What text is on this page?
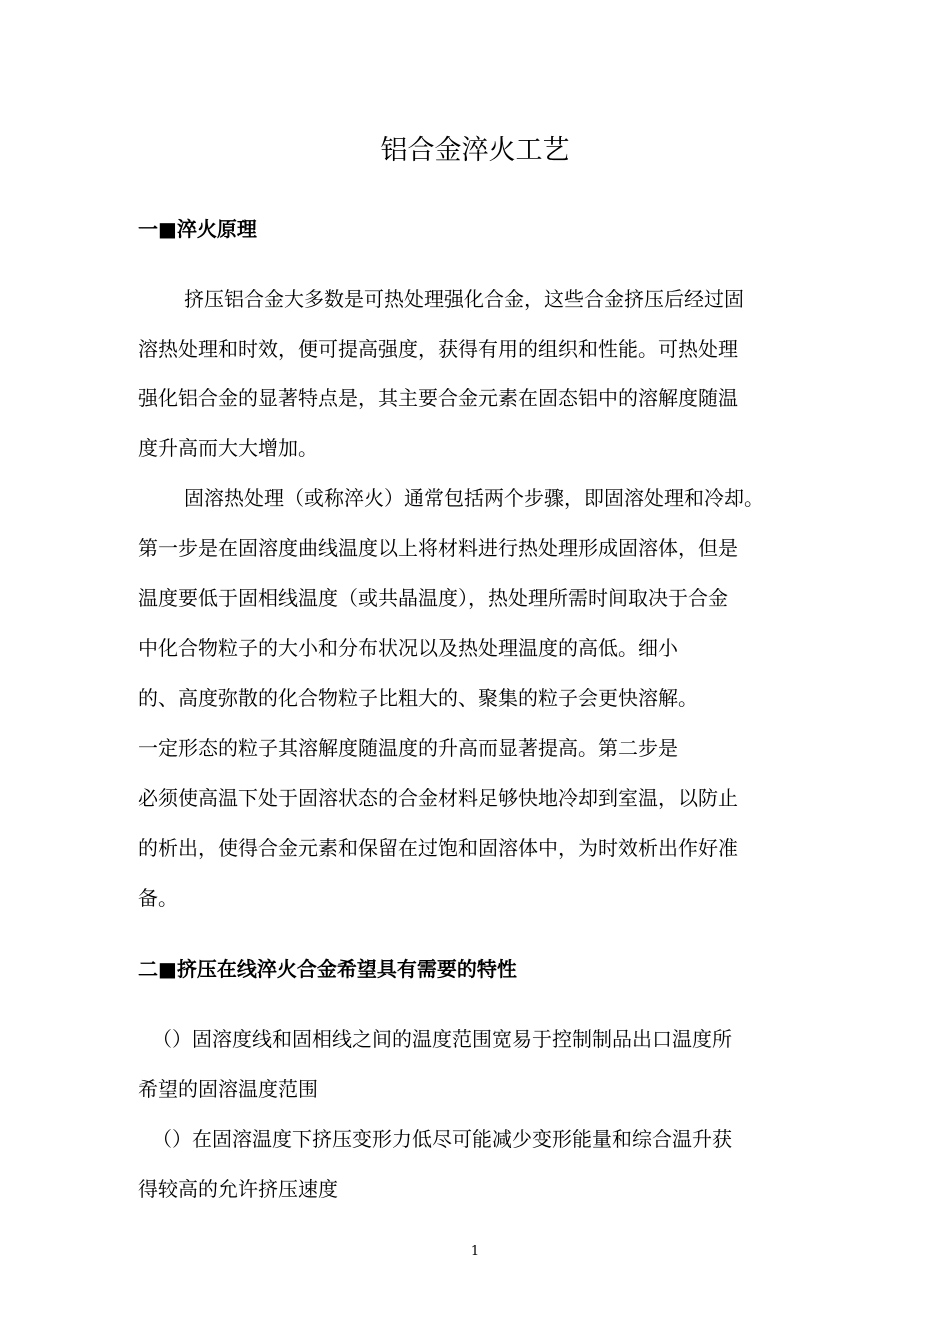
铝合金淬火工艺
一■淬火原理
挤压铝合金大多数是可热处理强化合金，这些合金挤压后经过固
溶热处理和时效，便可提高强度，获得有用的组织和性能。可热处理
强化铝合金的显著特点是，其主要合金元素在固态铝中的溶解度随温
度升高而大大增加。
固溶热处理（或称淬火）通常包括两个步骤，即固溶处理和冷却。
第一步是在固溶度曲线温度以上将材料进行热处理形成固溶体，但是
温度要低于固相线温度（或共晶温度），热处理所需时间取决于合金
中化合物粒子的大小和分布状况以及热处理温度的高低。细小
的、高度弥散的化合物粒子比粗大的、聚集的粒子会更快溶解。
一定形态的粒子其溶解度随温度的升高而显著提高。第二步是
必须使高温下处于固溶状态的合金材料足够快地冷却到室温，以防止
的析出，使得合金元素和保留在过饱和固溶体中，为时效析出作好准
备。
二■挤压在线淬火合金希望具有需要的特性
（）固溶度线和固相线之间的温度范围宽易于控制制品出口温度所
希望的固溶温度范围
（）在固溶温度下挤压变形力低尽可能减少变形能量和综合温升获
得较高的允许挤压速度
1
